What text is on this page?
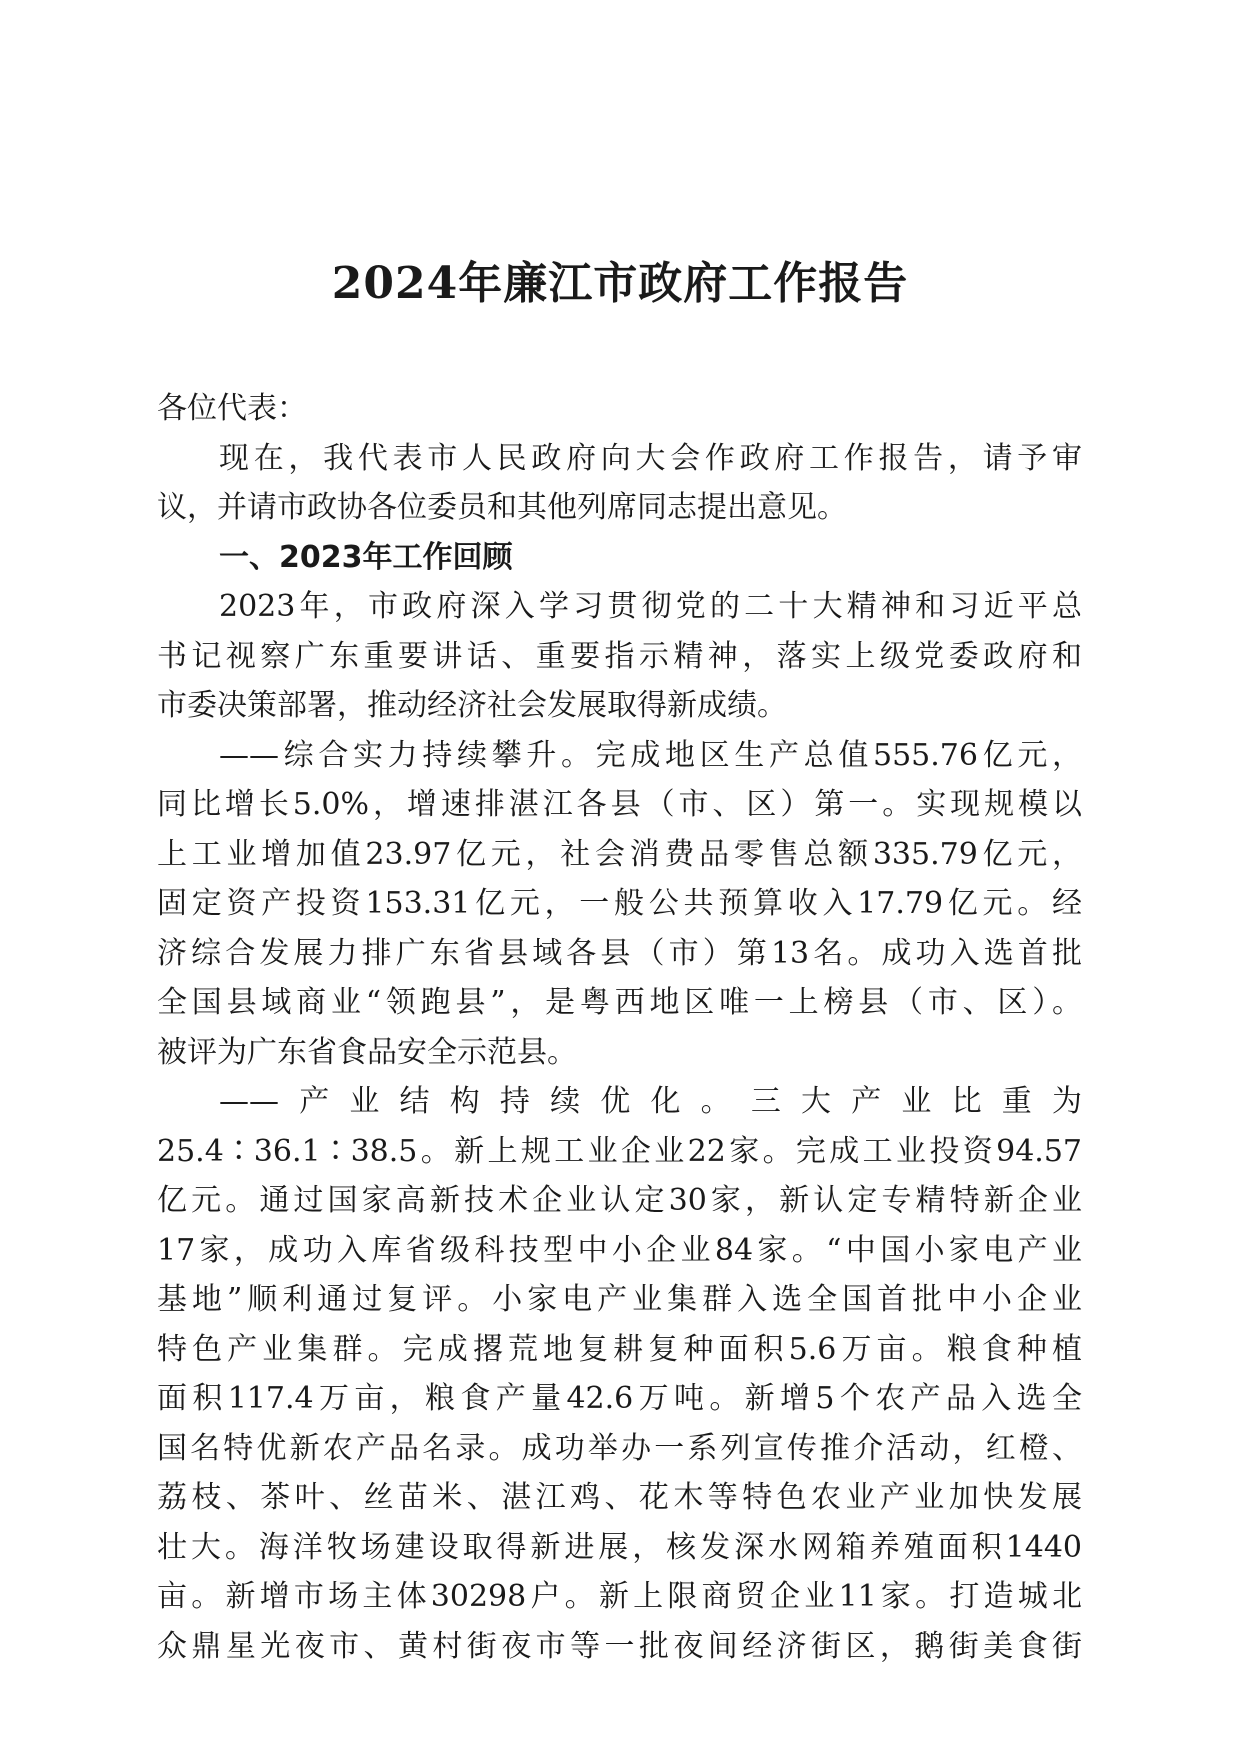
2024年廉江市政府工作报告
各位代表：
现在，我代表市人民政府向大会作政府工作报告，请予审
议，并请市政协各位委员和其他列席同志提出意见。
一、2023年工作回顾
2023年，市政府深入学习贯彻党的二十大精神和习近平总
书记视察广东重要讲话、重要指示精神，落实上级党委政府和
市委决策部署，推动经济社会发展取得新成绩。
——综合实力持续攀升。完成地区生产总值555.76亿元，
同比增长5.0%，增速排湛江各县（市、区）第一。实现规模以
上工业增加值23.97亿元，社会消费品零售总额335.79亿元，
固定资产投资153.31亿元，一般公共预算收入17.79亿元。经
济综合发展力排广东省县域各县（市）第13名。成功入选首批
全国县域商业“领跑县”，是粤西地区唯一上榜县（市、区）。
被评为广东省食品安全示范县。
——产业结构持续优化。三大产业比重为
25.4∶36.1∶38.5。新上规工业企业22家。完成工业投资94.57
亿元。通过国家高新技术企业认定30家，新认定专精特新企业
17家，成功入库省级科技型中小企业84家。“中国小家电产业
基地”顺利通过复评。小家电产业集群入选全国首批中小企业
特色产业集群。完成撂荒地复耕复种面积5.6万亩。粮食种植
面积117.4万亩，粮食产量42.6万吨。新增5个农产品入选全
国名特优新农产品名录。成功举办一系列宣传推介活动，红橙、
荔枝、茶叶、丝苗米、湛江鸡、花木等特色农业产业加快发展
壮大。海洋牧场建设取得新进展，核发深水网箱养殖面积1440
亩。新增市场主体30298户。新上限商贸企业11家。打造城北
众鼎星光夜市、黄村街夜市等一批夜间经济街区，鹅街美食街
